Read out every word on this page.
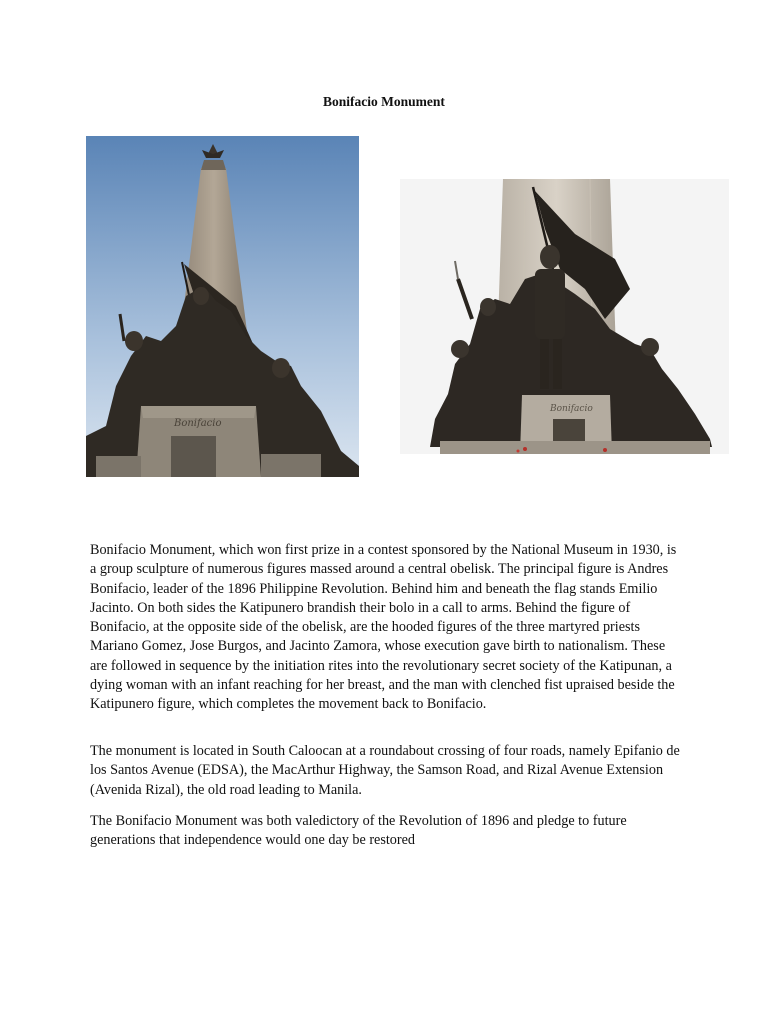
Bonifacio Monument
Bonifacio
Bonifacio

Bonifacio Monument, which won first prize in a contest sponsored by the National Museum in 1930, is a group sculpture of numerous figures massed around a central obelisk. The principal figure is Andres Bonifacio, leader of the 1896 Philippine Revolution. Behind him and beneath the flag stands Emilio Jacinto. On both sides the Katipunero brandish their bolo in a call to arms. Behind the figure of Bonifacio, at the opposite side of the obelisk, are the hooded figures of the three martyred priests Mariano Gomez, Jose Burgos, and Jacinto Zamora, whose execution gave birth to nationalism. These are followed in sequence by the initiation rites into the revolutionary secret society of the Katipunan, a dying woman with an infant reaching for her breast, and the man with clenched fist upraised beside the Katipunero figure, which completes the movement back to Bonifacio.

The monument is located in South Caloocan at a roundabout crossing of four roads, namely Epifanio de los Santos Avenue (EDSA), the MacArthur Highway, the Samson Road, and Rizal Avenue Extension (Avenida Rizal), the old road leading to Manila.

The Bonifacio Monument was both valedictory of the Revolution of 1896 and pledge to future generations that independence would one day be restored
